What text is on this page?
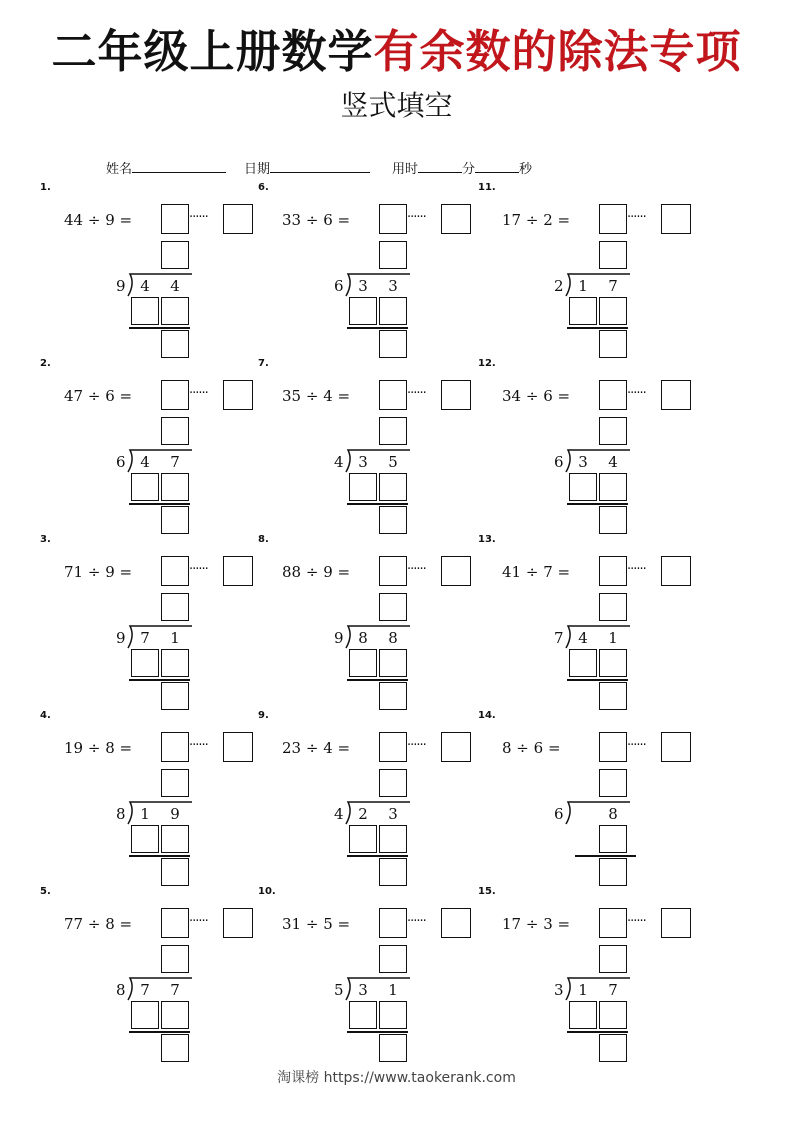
二年级上册数学有余数的除法专项
竖式填空
姓名	日期	用时	分	秒
1.
44 ÷ 9 =	······
9 4	4
2.
47 ÷ 6 =	······
6 4	7
3.
71 ÷ 9 =	······
9 7	1
4.
19 ÷ 8 =	······
8 1	9
5.
77 ÷ 8 =	······
8 7	7
6.
33 ÷ 6 =	······
6 3	3
7.
35 ÷ 4 =	······
4 3	5
8.
88 ÷ 9 =	······
9 8	8
9.
23 ÷ 4 =	······
4 2	3
10.
31 ÷ 5 =	······
5 3	1
11.
17 ÷ 2 =	······
2 1	7
12.
34 ÷ 6 =	······
6 3	4
13.
41 ÷ 7 =	······
7 4	1
14.
8 ÷ 6 =	······
6	8
15.
17 ÷ 3 =	······
3 1	7
淘课榜 https://www.taokerank.com
